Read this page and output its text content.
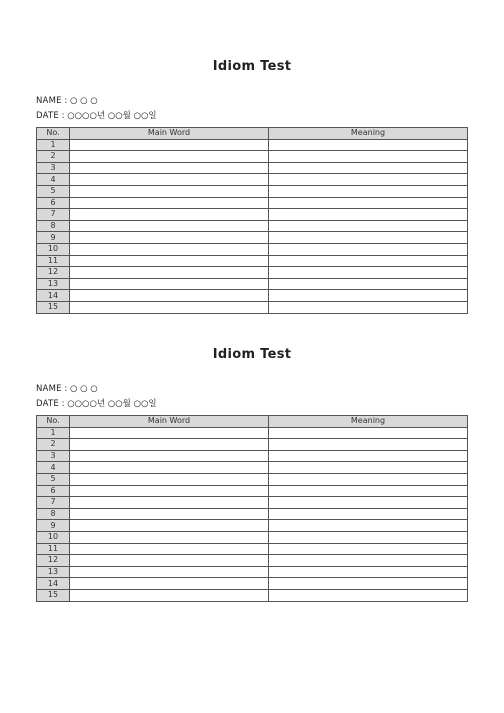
Idiom Test
NAME : ○ ○ ○
DATE : ○○○○년 ○○월 ○○일
No.	Main Word	Meaning
1		
2		
3		
4		
5		
6		
7		
8		
9		
10		
11		
12		
13		
14		
15		
Idiom Test
NAME : ○ ○ ○
DATE : ○○○○년 ○○월 ○○일
No.	Main Word	Meaning
1		
2		
3		
4		
5		
6		
7		
8		
9		
10		
11		
12		
13		
14		
15		
